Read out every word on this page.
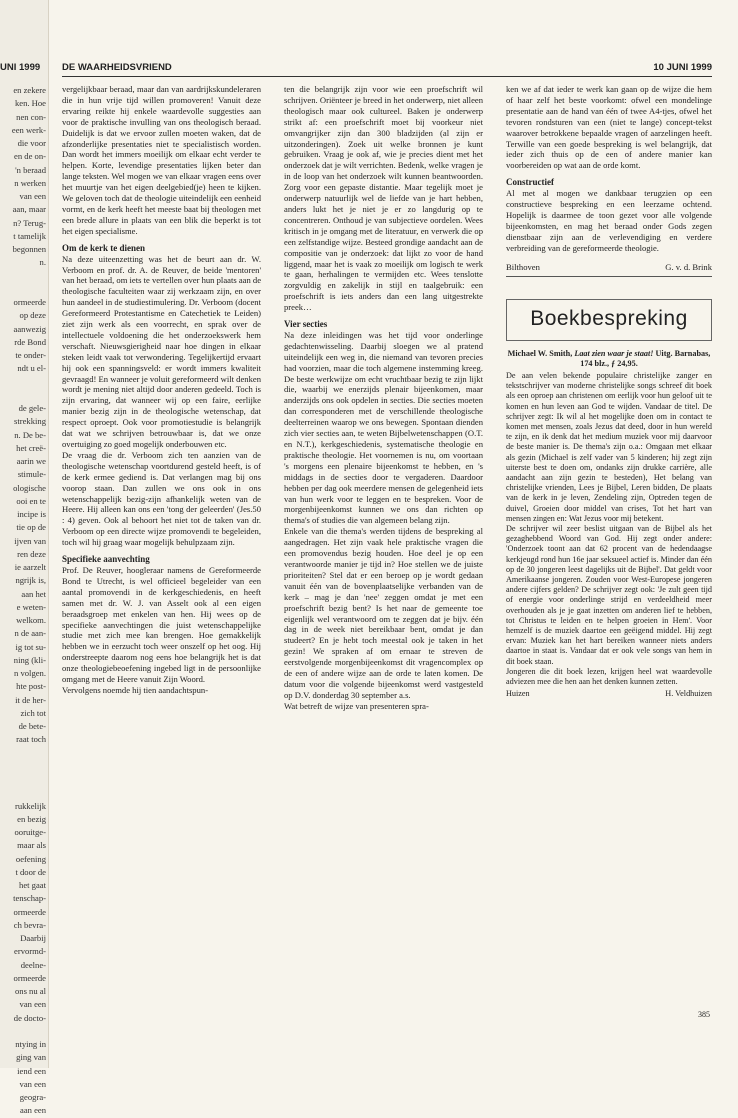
UNI 1999
en zekere
ken. Hoe
nen con-
een werk-
die voor
en de on-
'n beraad
n werken
van een
aan, maar
n? Terug-
t tamelijk
begonnen
n.
ormeerde
op deze
aanwezig
rde Bond
te onder-
ndt u el-
de gele-
strekking
n. De be-
het creë-
aarin we
stimule-
ologische
ooi en te
incipe is
tie op de
ijven van
ren deze
ie aarzelt
ngrijk is,
aan het
e weten-
welkom.
n de aan-
ig tot su-
ning (kli-
n volgen.
hte post-
it de her-
zich tot
de bete-
raat toch
rukkelijk
en bezig
ooruitge-
maar als
oefening
t door de
het gaat
tenschap-
ormeerde
ch bevra-
Daarbij
ervormd-
deelne-
ormeerde
ons nu al
van een
de docto-
ntying in
ging van
iend een
van een
geogra-
aan een
DE WAARHEIDSVRIEND	10 JUNI 1999

vergelijkbaar beraad, maar dan van aardrijkskundeleraren die in hun vrije tijd willen promoveren! Vanuit deze ervaring reikte hij enkele waardevolle suggesties aan voor de praktische invulling van ons theologisch beraad. Duidelijk is dat we ervoor zullen moeten waken, dat de afzonderlijke presentaties niet te specialistisch worden. Dan wordt het immers moeilijk om elkaar echt verder te helpen. Korte, levendige presentaties lijken beter dan lange teksten. Wel mogen we van elkaar vragen eens over het muurtje van het eigen deelgebied(je) heen te kijken. We geloven toch dat de theologie uiteindelijk een eenheid vormt, en de kerk heeft het meeste baat bij theologen met een brede allure in plaats van een blik die beperkt is tot het eigen specialisme.

Om de kerk te dienen

Na deze uiteenzetting was het de beurt aan dr. W. Verboom en prof. dr. A. de Reuver, de beide 'mentoren' van het beraad, om iets te vertellen over hun plaats aan de theologische faculteiten waar zij werkzaam zijn, en over hun aandeel in de studiestimulering. Dr. Verboom (docent Gereformeerd Protestantisme en Catechetiek te Leiden) ziet zijn werk als een voorrecht, en sprak over de intellectuele voldoening die het onderzoekswerk hem verschaft. Nieuwsgierigheid naar hoe dingen in elkaar steken leidt vaak tot verwondering. Tegelijkertijd ervaart hij ook een spanningsveld: er wordt immers kwaliteit gevraagd! En wanneer je voluit gereformeerd wilt denken wordt je mening niet altijd door anderen gedeeld. Toch is zijn ervaring, dat wanneer wij op een faire, eerlijke manier bezig zijn in de theologische wetenschap, dat respect oproept. Ook voor promotiestudie is belangrijk dat wat we schrijven betrouwbaar is, dat we onze overtuiging zo goed mogelijk onderbouwen etc.

De vraag die dr. Verboom zich ten aanzien van de theologische wetenschap voortdurend gesteld heeft, is of de kerk ermee gediend is. Dat verlangen mag bij ons voorop staan. Dan zullen we ons ook in ons wetenschappelijk bezig-zijn afhankelijk weten van de Heere. Hij alleen kan ons een 'tong der geleerden' (Jes.50 : 4) geven. Ook al behoort het niet tot de taken van dr. Verboom op een directe wijze promovendi te begeleiden, toch wil hij graag waar mogelijk behulpzaam zijn.

Specifieke aanvechting

Prof. De Reuver, hoogleraar namens de Gereformeerde Bond te Utrecht, is wel officieel begeleider van een aantal promovendi in de kerkgeschiedenis, en heeft samen met dr. W. J. van Asselt ook al een eigen beraadsgroep met enkelen van hen. Hij wees op de specifieke aanvechtingen die juist wetenschappelijke studie met zich mee kan brengen. Hoe gemakkelijk hebben we in eerzucht toch weer onszelf op het oog. Hij onderstreepte daarom nog eens hoe belangrijk het is dat onze theologiebeoefening ingebed ligt in de persoonlijke omgang met de Heere vanuit Zijn Woord.

Vervolgens noemde hij tien aandachtspun-

ten die belangrijk zijn voor wie een proefschrift wil schrijven. Oriënteer je breed in het onderwerp, niet alleen theologisch maar ook cultureel. Baken je onderwerp strikt af: een proefschrift moet bij voorkeur niet omvangrijker zijn dan 300 bladzijden (al zijn er uitzonderingen). Zoek uit welke bronnen je kunt gebruiken. Vraag je ook af, wie je precies dient met het onderzoek dat je wilt verrichten. Bedenk, welke vragen je in de loop van het onderzoek wilt kunnen beantwoorden. Zorg voor een gepaste distantie. Maar tegelijk moet je onderwerp natuurlijk wel de liefde van je hart hebben, anders lukt het je niet je er zo langdurig op te concentreren. Onthoud je van subjectieve oordelen. Wees kritisch in je omgang met de literatuur, en verwerk die op een zelfstandige wijze. Besteed grondige aandacht aan de compositie van je onderzoek: dat lijkt zo voor de hand liggend, maar het is vaak zo moeilijk om logisch te werk te gaan, herhalingen te vermijden etc. Wees tenslotte zorgvuldig en zakelijk in stijl en taalgebruik: een proefschrift is iets anders dan een lang uitgestrekte preek…

Vier secties

Na deze inleidingen was het tijd voor onderlinge gedachtenwisseling. Daarbij sloegen we al pratend uiteindelijk een weg in, die niemand van tevoren precies had voorzien, maar die toch algemene instemming kreeg. De beste werkwijze om echt vruchtbaar bezig te zijn lijkt die, waarbij we enerzijds plenair bijeenkomen, maar anderzijds ons ook opdelen in secties. Die secties moeten dan corresponderen met de verschillende theologische deelterreinen waarop we ons bewegen. Spontaan dienden zich vier secties aan, te weten Bijbelwetenschappen (O.T. en N.T.), kerkgeschiedenis, systematische theologie en praktische theologie. Het voornemen is nu, om voortaan 's morgens een plenaire bijeenkomst te hebben, en 's middags in de secties door te vergaderen. Daardoor hebben per dag ook meerdere mensen de gelegenheid iets van hun werk voor te leggen en te bespreken. Voor de morgenbijeenkomst kunnen we ons dan richten op thema's of studies die van algemeen belang zijn.

Enkele van die thema's werden tijdens de bespreking al aangedragen. Het zijn vaak hele praktische vragen die een promovendus bezig houden. Hoe deel je op een verantwoorde manier je tijd in? Hoe stellen we de juiste prioriteiten? Stel dat er een beroep op je wordt gedaan vanuit één van de bovenplaatselijke verbanden van de kerk – mag je dan 'nee' zeggen omdat je met een proefschrift bezig bent? Is het naar de gemeente toe eigenlijk wel verantwoord om te zeggen dat je bijv. één dag in de week niet bereikbaar bent, omdat je dan studeert? En je hebt toch meestal ook je taken in het gezin! We spraken af om ernaar te streven de eerstvolgende morgenbijeenkomst dit vragencomplex op de een of andere wijze aan de orde te laten komen. De datum voor die volgende bijeenkomst werd vastgesteld op D.V. donderdag 30 september a.s.

Wat betreft de wijze van presenteren spra-

ken we af dat ieder te werk kan gaan op de wijze die hem of haar zelf het beste voorkomt: ofwel een mondelinge presentatie aan de hand van één of twee A4-tjes, ofwel het tevoren rondsturen van een (niet te lange) concept-tekst waarover betrokkene bepaalde vragen of aarzelingen heeft. Terwille van een goede bespreking is wel belangrijk, dat ieder zich thuis op de een of andere manier kan voorbereiden op wat aan de orde komt.

Constructief

Al met al mogen we dankbaar terugzien op een constructieve bespreking en een leerzame ochtend. Hopelijk is daarmee de toon gezet voor alle volgende bijeenkomsten, en mag het beraad onder Gods zegen dienstbaar zijn aan de verlevendiging en verdere verbreiding van de gereformeerde theologie.

Bilthoven	G. v. d. Brink
Boekbespreking

Michael W. Smith, Laat zien waar je staat! Uitg. Barnabas, 174 blz., ƒ 24,95.

De aan velen bekende populaire christelijke zanger en tekstschrijver van moderne christelijke songs schreef dit boek als een oproep aan christenen om eerlijk voor hun geloof uit te komen en hun leven aan God te wijden. Vandaar de titel. De schrijver zegt: Ik wil al het mogelijke doen om in contact te komen met mensen, zoals Jezus dat deed, door in hun wereld te zijn, en ik denk dat het medium muziek voor mij daarvoor de beste manier is. De thema's zijn o.a.: Omgaan met elkaar als gezin (Michael is zelf vader van 5 kinderen; hij zegt zijn uiterste best te doen om, ondanks zijn drukke carrière, alle aandacht aan zijn gezin te besteden), Het belang van christelijke vrienden, Lees je Bijbel, Leren bidden, De plaats van de kerk in je leven, Zendeling zijn, Optreden tegen de duivel, Groeien door middel van crises, Tot het hart van mensen zingen en: Wat Jezus voor mij betekent.

De schrijver wil zeer beslist uitgaan van de Bijbel als het gezaghebbend Woord van God. Hij zegt onder andere: 'Onderzoek toont aan dat 62 procent van de hedendaagse kerkjeugd rond hun 16e jaar seksueel actief is. Minder dan één op de 30 jongeren leest dagelijks uit de Bijbel'. Dat geldt voor Amerikaanse jongeren. Zouden voor West-Europese jongeren andere cijfers gelden? De schrijver zegt ook: 'Je zult geen tijd of energie voor onderlinge strijd en verdeeldheid meer overhouden als je je gaat inzetten om anderen lief te hebben, tot Christus te leiden en te helpen groeien in Hem'. Voor hemzelf is de muziek daartoe een geëigend middel. Hij zegt ervan: Muziek kan het hart bereiken wanneer niets anders daartoe in staat is. Vandaar dat er ook vele songs van hem in dit boek staan.

Jongeren die dit boek lezen, krijgen heel wat waardevolle adviezen mee die hen aan het denken kunnen zetten.

Huizen	H. Veldhuizen
385
